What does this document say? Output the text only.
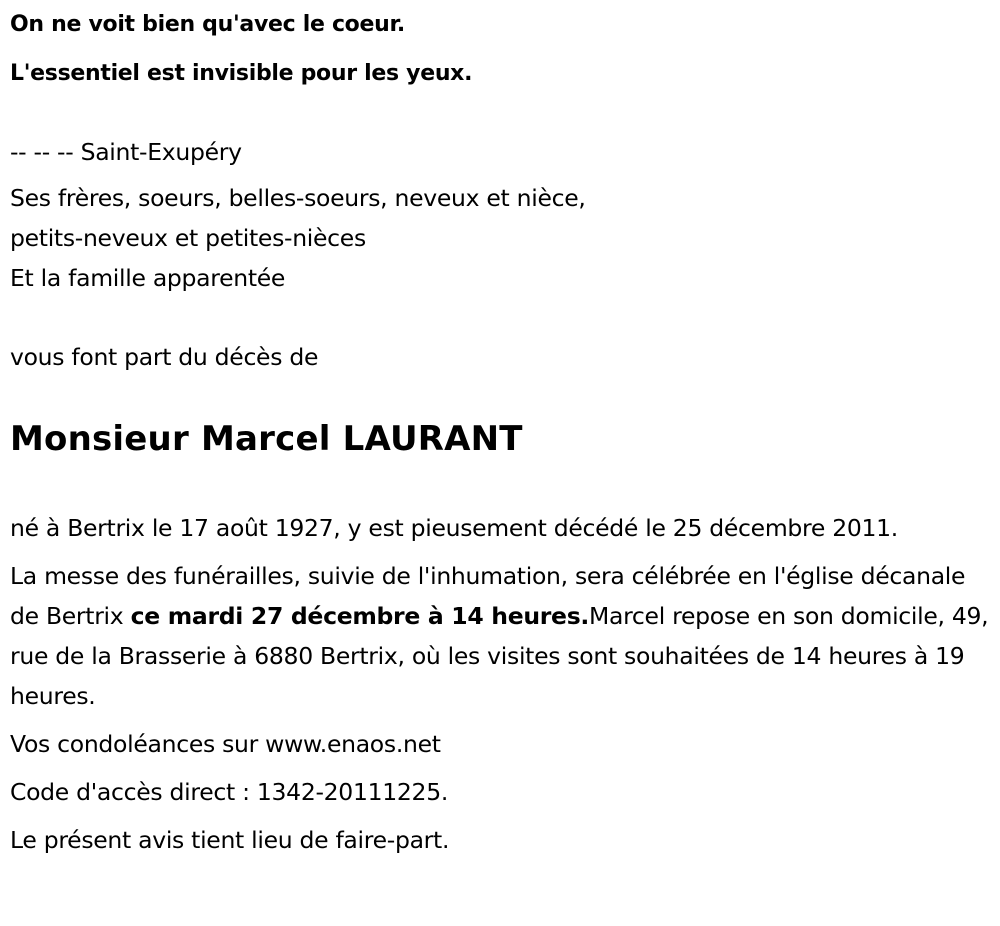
On ne voit bien qu'avec le coeur.
L'essentiel est invisible pour les yeux.
-- -- -- Saint-Exupéry
Ses frères, soeurs, belles-soeurs, neveux et nièce,
petits-neveux et petites-nièces
Et la famille apparentée
vous font part du décès de
Monsieur Marcel LAURANT
né à Bertrix le 17 août 1927, y est pieusement décédé le 25 décembre 2011.
La messe des funérailles, suivie de l'inhumation, sera célébrée en l'église décanale de Bertrix ce mardi 27 décembre à 14 heures.Marcel repose en son domicile, 49, rue de la Brasserie à 6880 Bertrix, où les visites sont souhaitées de 14 heures à 19 heures.
Vos condoléances sur www.enaos.net
Code d'accès direct : 1342-20111225.
Le présent avis tient lieu de faire-part.
